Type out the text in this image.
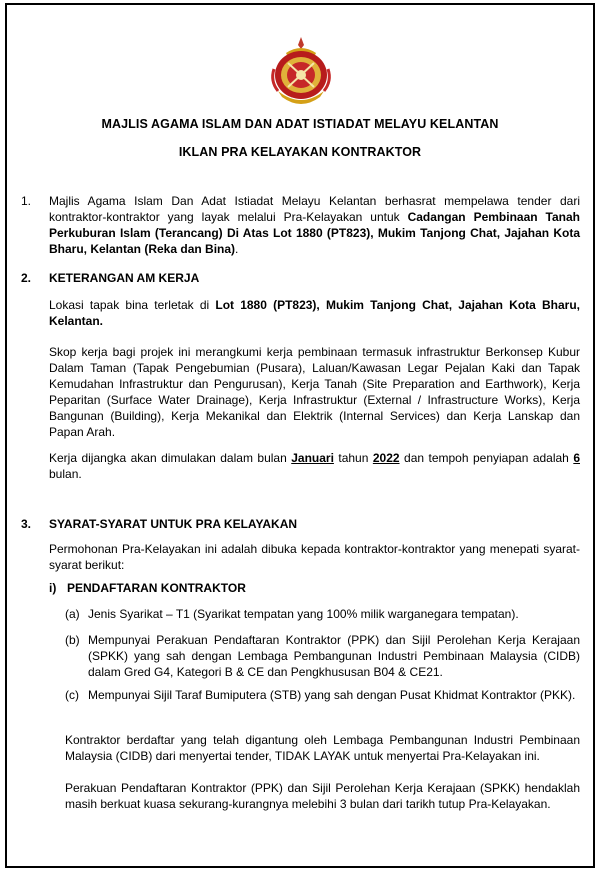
MAJLIS AGAMA ISLAM DAN ADAT ISTIADAT MELAYU KELANTAN
IKLAN PRA KELAYAKAN KONTRAKTOR
1. Majlis Agama Islam Dan Adat Istiadat Melayu Kelantan berhasrat mempelawa tender dari kontraktor-kontraktor yang layak melalui Pra-Kelayakan untuk Cadangan Pembinaan Tanah Perkuburan Islam (Terancang) Di Atas Lot 1880 (PT823), Mukim Tanjong Chat, Jajahan Kota Bharu, Kelantan (Reka dan Bina).
2. KETERANGAN AM KERJA
Lokasi tapak bina terletak di Lot 1880 (PT823), Mukim Tanjong Chat, Jajahan Kota Bharu, Kelantan.
Skop kerja bagi projek ini merangkumi kerja pembinaan termasuk infrastruktur Berkonsep Kubur Dalam Taman (Tapak Pengebumian (Pusara), Laluan/Kawasan Legar Pejalan Kaki dan Tapak Kemudahan Infrastruktur dan Pengurusan), Kerja Tanah (Site Preparation and Earthwork), Kerja Peparitan (Surface Water Drainage), Kerja Infrastruktur (External / Infrastructure Works), Kerja Bangunan (Building), Kerja Mekanikal dan Elektrik (Internal Services) dan Kerja Lanskap dan Papan Arah.
Kerja dijangka akan dimulakan dalam bulan Januari tahun 2022 dan tempoh penyiapan adalah 6 bulan.
3. SYARAT-SYARAT UNTUK PRA KELAYAKAN
Permohonan Pra-Kelayakan ini adalah dibuka kepada kontraktor-kontraktor yang menepati syarat-syarat berikut:
i) PENDAFTARAN KONTRAKTOR
(a) Jenis Syarikat – T1 (Syarikat tempatan yang 100% milik warganegara tempatan).
(b) Mempunyai Perakuan Pendaftaran Kontraktor (PPK) dan Sijil Perolehan Kerja Kerajaan (SPKK) yang sah dengan Lembaga Pembangunan Industri Pembinaan Malaysia (CIDB) dalam Gred G4, Kategori B & CE dan Pengkhususan B04 & CE21.
(c) Mempunyai Sijil Taraf Bumiputera (STB) yang sah dengan Pusat Khidmat Kontraktor (PKK).
Kontraktor berdaftar yang telah digantung oleh Lembaga Pembangunan Industri Pembinaan Malaysia (CIDB) dari menyertai tender, TIDAK LAYAK untuk menyertai Pra-Kelayakan ini.
Perakuan Pendaftaran Kontraktor (PPK) dan Sijil Perolehan Kerja Kerajaan (SPKK) hendaklah masih berkuat kuasa sekurang-kurangnya melebihi 3 bulan dari tarikh tutup Pra-Kelayakan.
